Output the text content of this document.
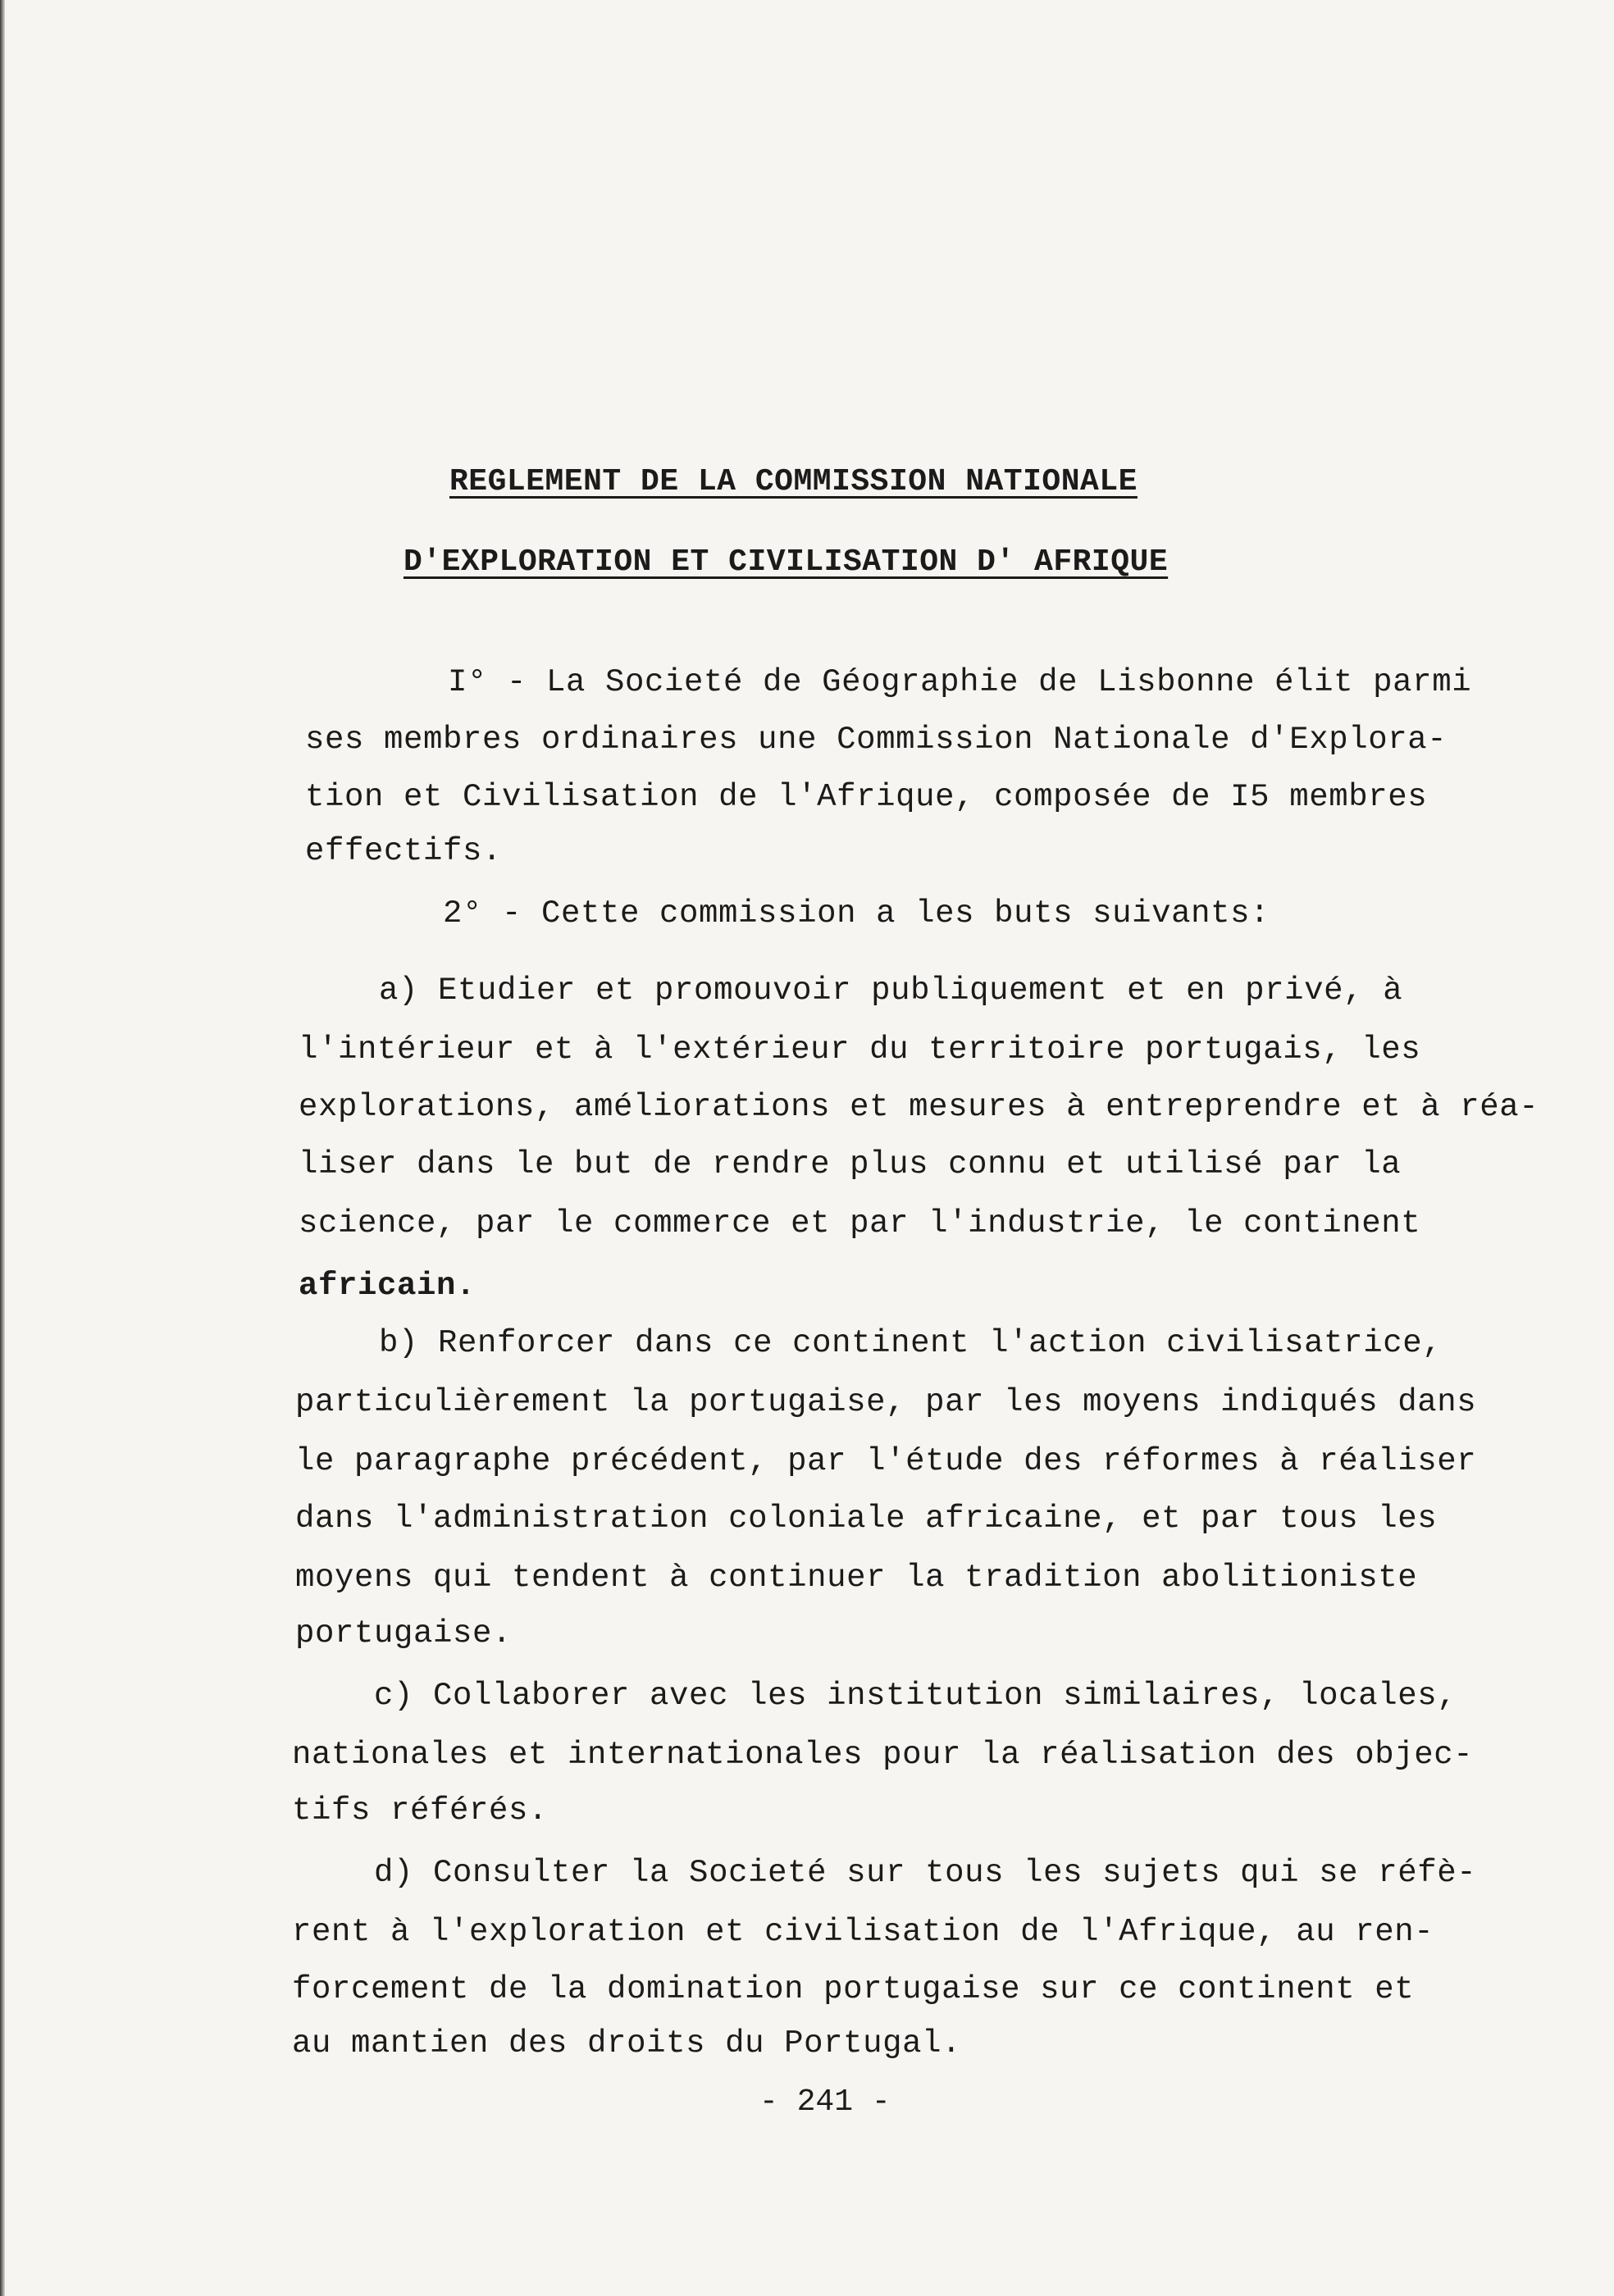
REGLEMENT DE LA COMMISSION NATIONALE
D'EXPLORATION ET CIVILISATION D' AFRIQUE
I° - La Societé de Géographie de Lisbonne élit parmi
ses membres ordinaires une Commission Nationale d'Explora-
tion et Civilisation de l'Afrique, composée de I5 membres
effectifs.
2° - Cette commission a les buts suivants:
a) Etudier et promouvoir publiquement et en privé, à
l'intérieur et à l'extérieur du territoire portugais, les
explorations, améliorations et mesures à entreprendre et à réa-
liser dans le but de rendre plus connu et utilisé par la
science, par le commerce et par l'industrie, le continent
africain.
b) Renforcer dans ce continent l'action civilisatrice,
particulièrement la portugaise, par les moyens indiqués dans
le paragraphe précédent, par l'étude des réformes à réaliser
dans l'administration coloniale africaine, et par tous les
moyens qui tendent à continuer la tradition abolitioniste
portugaise.
c) Collaborer avec les institution similaires, locales,
nationales et internationales pour la réalisation des objec-
tifs référés.
d) Consulter la Societé sur tous les sujets qui se réfè-
rent à l'exploration et civilisation de l'Afrique, au ren-
forcement de la domination portugaise sur ce continent et
au mantien des droits du Portugal.
- 241 -
